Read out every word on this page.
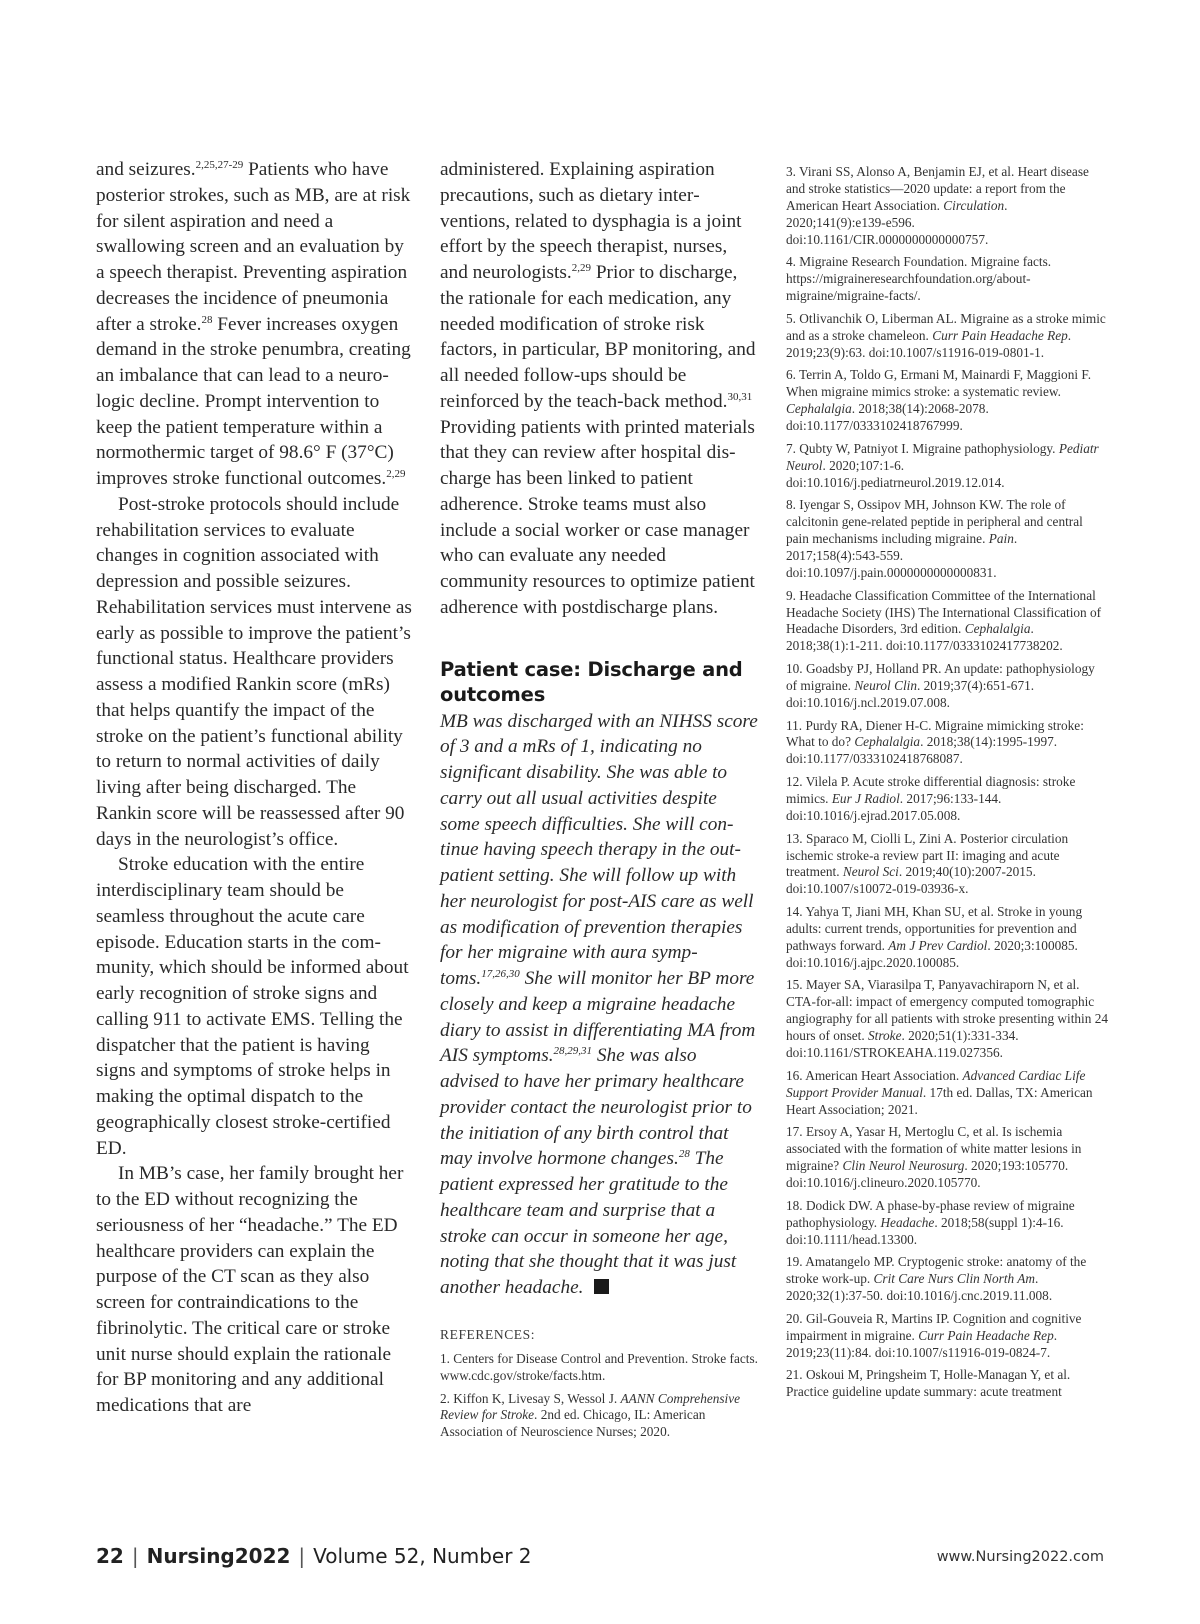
and seizures.$^{2,25,27-29}$ Patients who have posterior strokes, such as MB, are at risk for silent aspiration and need a swallowing screen and an evaluation by a speech therapist. Preventing aspiration decreases the incidence of pneumonia after a stroke.$^{28}$ Fever increases oxygen demand in the stroke penumbra, creating an imbalance that can lead to a neurologic decline. Prompt intervention to keep the patient temperature within a normothermic target of 98.6° F (37°C) improves stroke functional outcomes.$^{2,29}$

Post-stroke protocols should include rehabilitation services to evaluate changes in cognition associated with depression and possible seizures. Rehabilitation services must intervene as early as possible to improve the patient’s functional status. Healthcare providers assess a modified Rankin score (mRs) that helps quantify the impact of the stroke on the patient’s functional ability to return to normal activities of daily living after being discharged. The Rankin score will be reassessed after 90 days in the neurologist’s office.

Stroke education with the entire interdisciplinary team should be seamless throughout the acute care episode. Education starts in the community, which should be informed about early recognition of stroke signs and calling 911 to activate EMS. Telling the dispatcher that the patient is having signs and symptoms of stroke helps in making the optimal dispatch to the geographically closest stroke-certified ED.

In MB’s case, her family brought her to the ED without recognizing the seriousness of her “headache.” The ED healthcare providers can explain the purpose of the CT scan as they also screen for contraindications to the fibrinolytic. The critical care or stroke unit nurse should explain the rationale for BP monitoring and any additional medications that are

administered. Explaining aspiration precautions, such as dietary interventions, related to dysphagia is a joint effort by the speech therapist, nurses, and neurologists.$^{2,29}$ Prior to discharge, the rationale for each medication, any needed modification of stroke risk factors, in particular, BP monitoring, and all needed follow-ups should be reinforced by the teach-back method.$^{30,31}$ Providing patients with printed materials that they can review after hospital discharge has been linked to patient adherence. Stroke teams must also include a social worker or case manager who can evaluate any needed community resources to optimize patient adherence with postdischarge plans.

Patient case: Discharge and outcomes

MB was discharged with an NIHSS score of 3 and a mRs of 1, indicating no significant disability. She was able to carry out all usual activities despite some speech difficulties. She will continue having speech therapy in the outpatient setting. She will follow up with her neurologist for post-AIS care as well as modification of prevention therapies for her migraine with aura symptoms.$^{17,26,30}$ She will monitor her BP more closely and keep a migraine headache diary to assist in differentiating MA from AIS symptoms.$^{28,29,31}$ She was also advised to have her primary healthcare provider contact the neurologist prior to the initiation of any birth control that may involve hormone changes.$^{28}$ The patient expressed her gratitude to the healthcare team and surprise that a stroke can occur in someone her age, noting that she thought that it was just another headache.

REFERENCES:

1. Centers for Disease Control and Prevention. Stroke facts. www.cdc.gov/stroke/facts.htm.

2. Kiffon K, Livesay S, Wessol J. AANN Comprehensive Review for Stroke. 2nd ed. Chicago, IL: American Association of Neuroscience Nurses; 2020.

3. Virani SS, Alonso A, Benjamin EJ, et al. Heart disease and stroke statistics—2020 update: a report from the American Heart Association. Circulation. 2020;141(9):e139-e596. doi:10.1161/CIR.0000000000000757.

4. Migraine Research Foundation. Migraine facts. https://migraineresearchfoundation.org/about-migraine/migraine-facts/.

5. Otlivanchik O, Liberman AL. Migraine as a stroke mimic and as a stroke chameleon. Curr Pain Headache Rep. 2019;23(9):63. doi:10.1007/s11916-019-0801-1.

6. Terrin A, Toldo G, Ermani M, Mainardi F, Maggioni F. When migraine mimics stroke: a systematic review. Cephalalgia. 2018;38(14):2068-2078. doi:10.1177/0333102418767999.

7. Qubty W, Patniyot I. Migraine pathophysiology. Pediatr Neurol. 2020;107:1-6. doi:10.1016/j.pediatrneurol.2019.12.014.

8. Iyengar S, Ossipov MH, Johnson KW. The role of calcitonin gene-related peptide in peripheral and central pain mechanisms including migraine. Pain. 2017;158(4):543-559. doi:10.1097/j.pain.0000000000000831.

9. Headache Classification Committee of the International Headache Society (IHS) The International Classification of Headache Disorders, 3rd edition. Cephalalgia. 2018;38(1):1-211. doi:10.1177/0333102417738202.

10. Goadsby PJ, Holland PR. An update: pathophysiology of migraine. Neurol Clin. 2019;37(4):651-671. doi:10.1016/j.ncl.2019.07.008.

11. Purdy RA, Diener H-C. Migraine mimicking stroke: What to do? Cephalalgia. 2018;38(14):1995-1997. doi:10.1177/0333102418768087.

12. Vilela P. Acute stroke differential diagnosis: stroke mimics. Eur J Radiol. 2017;96:133-144. doi:10.1016/j.ejrad.2017.05.008.

13. Sparaco M, Ciolli L, Zini A. Posterior circulation ischemic stroke-a review part II: imaging and acute treatment. Neurol Sci. 2019;40(10):2007-2015. doi:10.1007/s10072-019-03936-x.

14. Yahya T, Jiani MH, Khan SU, et al. Stroke in young adults: current trends, opportunities for prevention and pathways forward. Am J Prev Cardiol. 2020;3:100085. doi:10.1016/j.ajpc.2020.100085.

15. Mayer SA, Viarasilpa T, Panyavachiraporn N, et al. CTA-for-all: impact of emergency computed tomographic angiography for all patients with stroke presenting within 24 hours of onset. Stroke. 2020;51(1):331-334. doi:10.1161/STROKEAHA.119.027356.

16. American Heart Association. Advanced Cardiac Life Support Provider Manual. 17th ed. Dallas, TX: American Heart Association; 2021.

17. Ersoy A, Yasar H, Mertoglu C, et al. Is ischemia associated with the formation of white matter lesions in migraine? Clin Neurol Neurosurg. 2020;193:105770. doi:10.1016/j.clineuro.2020.105770.

18. Dodick DW. A phase-by-phase review of migraine pathophysiology. Headache. 2018;58(suppl 1):4-16. doi:10.1111/head.13300.

19. Amatangelo MP. Cryptogenic stroke: anatomy of the stroke work-up. Crit Care Nurs Clin North Am. 2020;32(1):37-50. doi:10.1016/j.cnc.2019.11.008.

20. Gil-Gouveia R, Martins IP. Cognition and cognitive impairment in migraine. Curr Pain Headache Rep. 2019;23(11):84. doi:10.1007/s11916-019-0824-7.

21. Oskoui M, Pringsheim T, Holle-Managan Y, et al. Practice guideline update summary: acute treatment

22 | Nursing2022 | Volume 52, Number 2	www.Nursing2022.com
